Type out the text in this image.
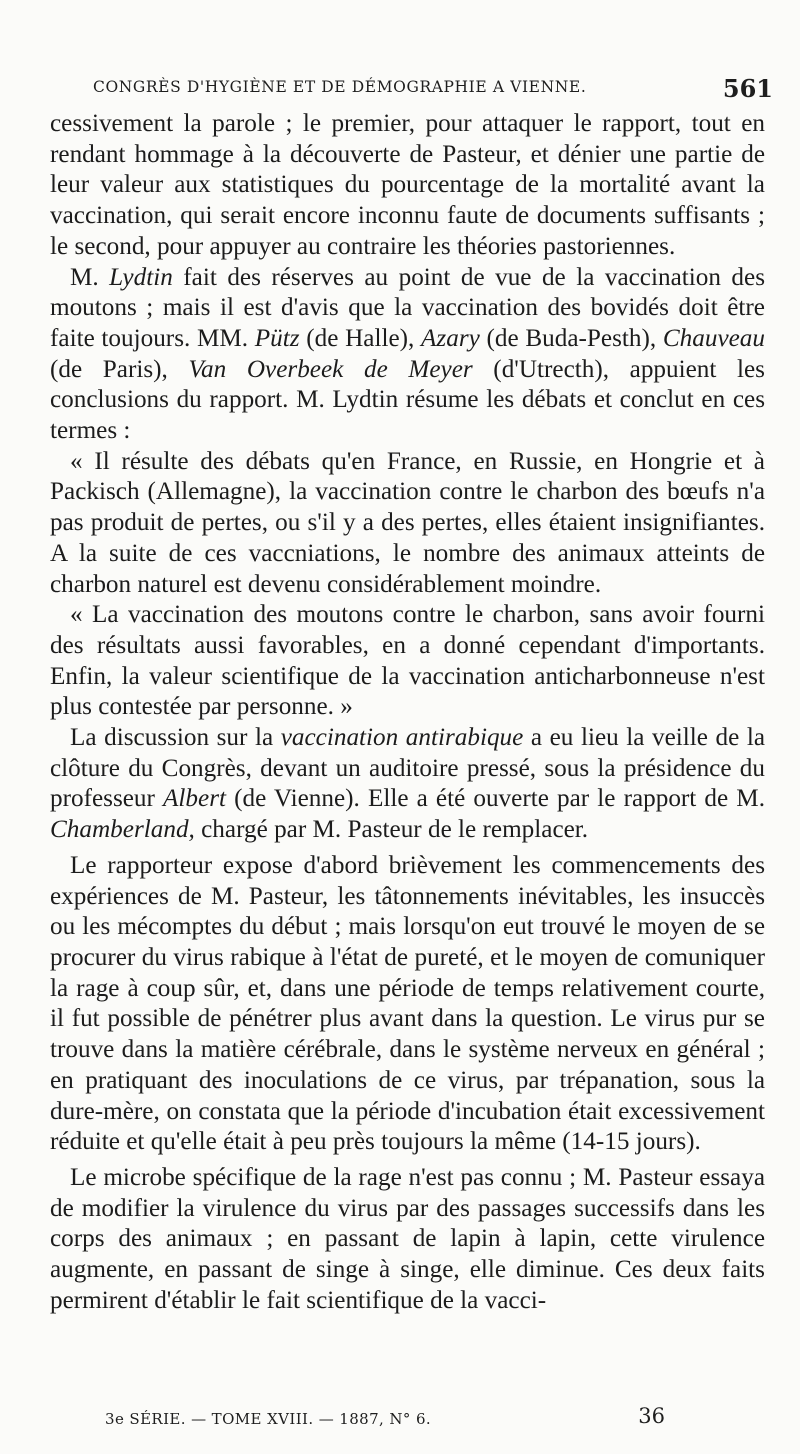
CONGRÈS D'HYGIÈNE ET DE DÉMOGRAPHIE A VIENNE.	561

cessivement la parole ; le premier, pour attaquer le rapport, tout en rendant hommage à la découverte de Pasteur, et dénier une partie de leur valeur aux statistiques du pourcentage de la mortalité avant la vaccination, qui serait encore inconnu faute de documents suffisants ; le second, pour appuyer au contraire les théories pastoriennes.

M. Lydtin fait des réserves au point de vue de la vaccination des moutons ; mais il est d'avis que la vaccination des bovidés doit être faite toujours. MM. Pütz (de Halle), Azary (de Buda-Pesth), Chauveau (de Paris), Van Overbeek de Meyer (d'Utrecth), appuient les conclusions du rapport. M. Lydtin résume les débats et conclut en ces termes :

« Il résulte des débats qu'en France, en Russie, en Hongrie et à Packisch (Allemagne), la vaccination contre le charbon des bœufs n'a pas produit de pertes, ou s'il y a des pertes, elles étaient insignifiantes. A la suite de ces vaccniations, le nombre des animaux atteints de charbon naturel est devenu considérablement moindre.

« La vaccination des moutons contre le charbon, sans avoir fourni des résultats aussi favorables, en a donné cependant d'importants. Enfin, la valeur scientifique de la vaccination anticharbonneuse n'est plus contestée par personne. »

La discussion sur la vaccination antirabique a eu lieu la veille de la clôture du Congrès, devant un auditoire pressé, sous la présidence du professeur Albert (de Vienne). Elle a été ouverte par le rapport de M. Chamberland, chargé par M. Pasteur de le remplacer.

Le rapporteur expose d'abord brièvement les commencements des expériences de M. Pasteur, les tâtonnements inévitables, les insuccès ou les mécomptes du début ; mais lorsqu'on eut trouvé le moyen de se procurer du virus rabique à l'état de pureté, et le moyen de comuniquer la rage à coup sûr, et, dans une période de temps relativement courte, il fut possible de pénétrer plus avant dans la question. Le virus pur se trouve dans la matière cérébrale, dans le système nerveux en général ; en pratiquant des inoculations de ce virus, par trépanation, sous la dure-mère, on constata que la période d'incubation était excessivement réduite et qu'elle était à peu près toujours la même (14-15 jours).

Le microbe spécifique de la rage n'est pas connu ; M. Pasteur essaya de modifier la virulence du virus par des passages successifs dans les corps des animaux ; en passant de lapin à lapin, cette virulence augmente, en passant de singe à singe, elle diminue. Ces deux faits permirent d'établir le fait scientifique de la vacci-

3e SÉRIE. — TOME XVIII. — 1887, N° 6.	36
